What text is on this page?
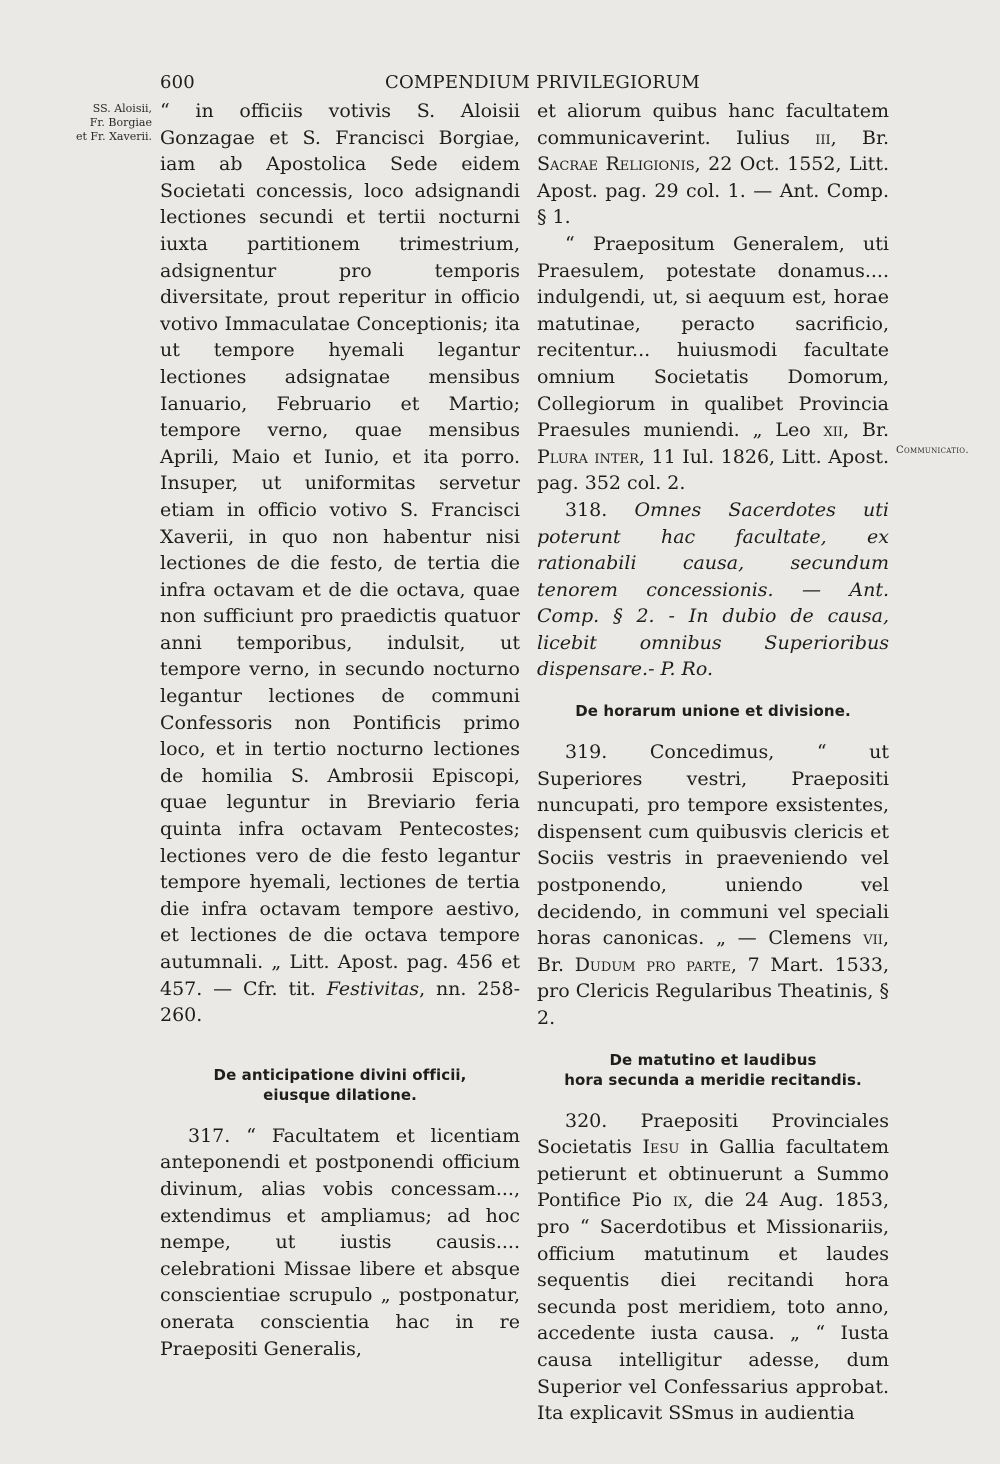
600	COMPENDIUM PRIVILEGIORUM
SS. Aloisii,
Fr. Borgiae
et Fr. Xaverii.
Communicatio.

“ in officiis votivis S. Aloisii Gonzagae et S. Francisci Borgiae, iam ab Apostolica Sede eidem Societati concessis, loco adsignandi lectiones secundi et tertii nocturni iuxta partitionem trimestrium, adsignentur pro temporis diversitate, prout reperitur in officio votivo Immaculatae Conceptionis; ita ut tempore hyemali legantur lectiones adsignatae mensibus Ianuario, Februario et Martio; tempore verno, quae mensibus Aprili, Maio et Iunio, et ita porro. Insuper, ut uniformitas servetur etiam in officio votivo S. Francisci Xaverii, in quo non habentur nisi lectiones de die festo, de tertia die infra octavam et de die octava, quae non sufficiunt pro praedictis quatuor anni temporibus, indulsit, ut tempore verno, in secundo nocturno legantur lectiones de communi Confessoris non Pontificis primo loco, et in tertio nocturno lectiones de homilia S. Ambrosii Episcopi, quae leguntur in Breviario feria quinta infra octavam Pentecostes; lectiones vero de die festo legantur tempore hyemali, lectiones de tertia die infra octavam tempore aestivo, et lectiones de die octava tempore autumnali. „ Litt. Apost. pag. 456 et 457. — Cfr. tit. Festivitas, nn. 258-260.

De anticipatione divini officii,
eiusque dilatione.

317. “ Facultatem et licentiam anteponendi et postponendi officium divinum, alias vobis concessam..., extendimus et ampliamus; ad hoc nempe, ut iustis causis.... celebrationi Missae libere et absque conscientiae scrupulo „ postponatur, onerata conscientia hac in re Praepositi Generalis,

et aliorum quibus hanc facultatem communicaverint. Iulius iii, Br. Sacrae Religionis, 22 Oct. 1552, Litt. Apost. pag. 29 col. 1. — Ant. Comp. § 1.

“ Praepositum Generalem, uti Praesulem, potestate donamus.... indulgendi, ut, si aequum est, horae matutinae, peracto sacrificio, recitentur... huiusmodi facultate omnium Societatis Domorum, Collegiorum in qualibet Provincia Praesules muniendi. „ Leo xii, Br. Plura inter, 11 Iul. 1826, Litt. Apost. pag. 352 col. 2.

318. Omnes Sacerdotes uti poterunt hac facultate, ex rationabili causa, secundum tenorem concessionis. — Ant. Comp. § 2. - In dubio de causa, licebit omnibus Superioribus dispensare.- P. Ro.

De horarum unione et divisione.

319. Concedimus, “ ut Superiores vestri, Praepositi nuncupati, pro tempore exsistentes, dispensent cum quibusvis clericis et Sociis vestris in praeveniendo vel postponendo, uniendo vel decidendo, in communi vel speciali horas canonicas. „ — Clemens vii, Br. Dudum pro parte, 7 Mart. 1533, pro Clericis Regularibus Theatinis, § 2.

De matutino et laudibus
hora secunda a meridie recitandis.

320. Praepositi Provinciales Societatis Iesu in Gallia facultatem petierunt et obtinuerunt a Summo Pontifice Pio ix, die 24 Aug. 1853, pro “ Sacerdotibus et Missionariis, officium matutinum et laudes sequentis diei recitandi hora secunda post meridiem, toto anno, accedente iusta causa. „ “ Iusta causa intelligitur adesse, dum Superior vel Confessarius approbat. Ita explicavit SSmus in audientia
